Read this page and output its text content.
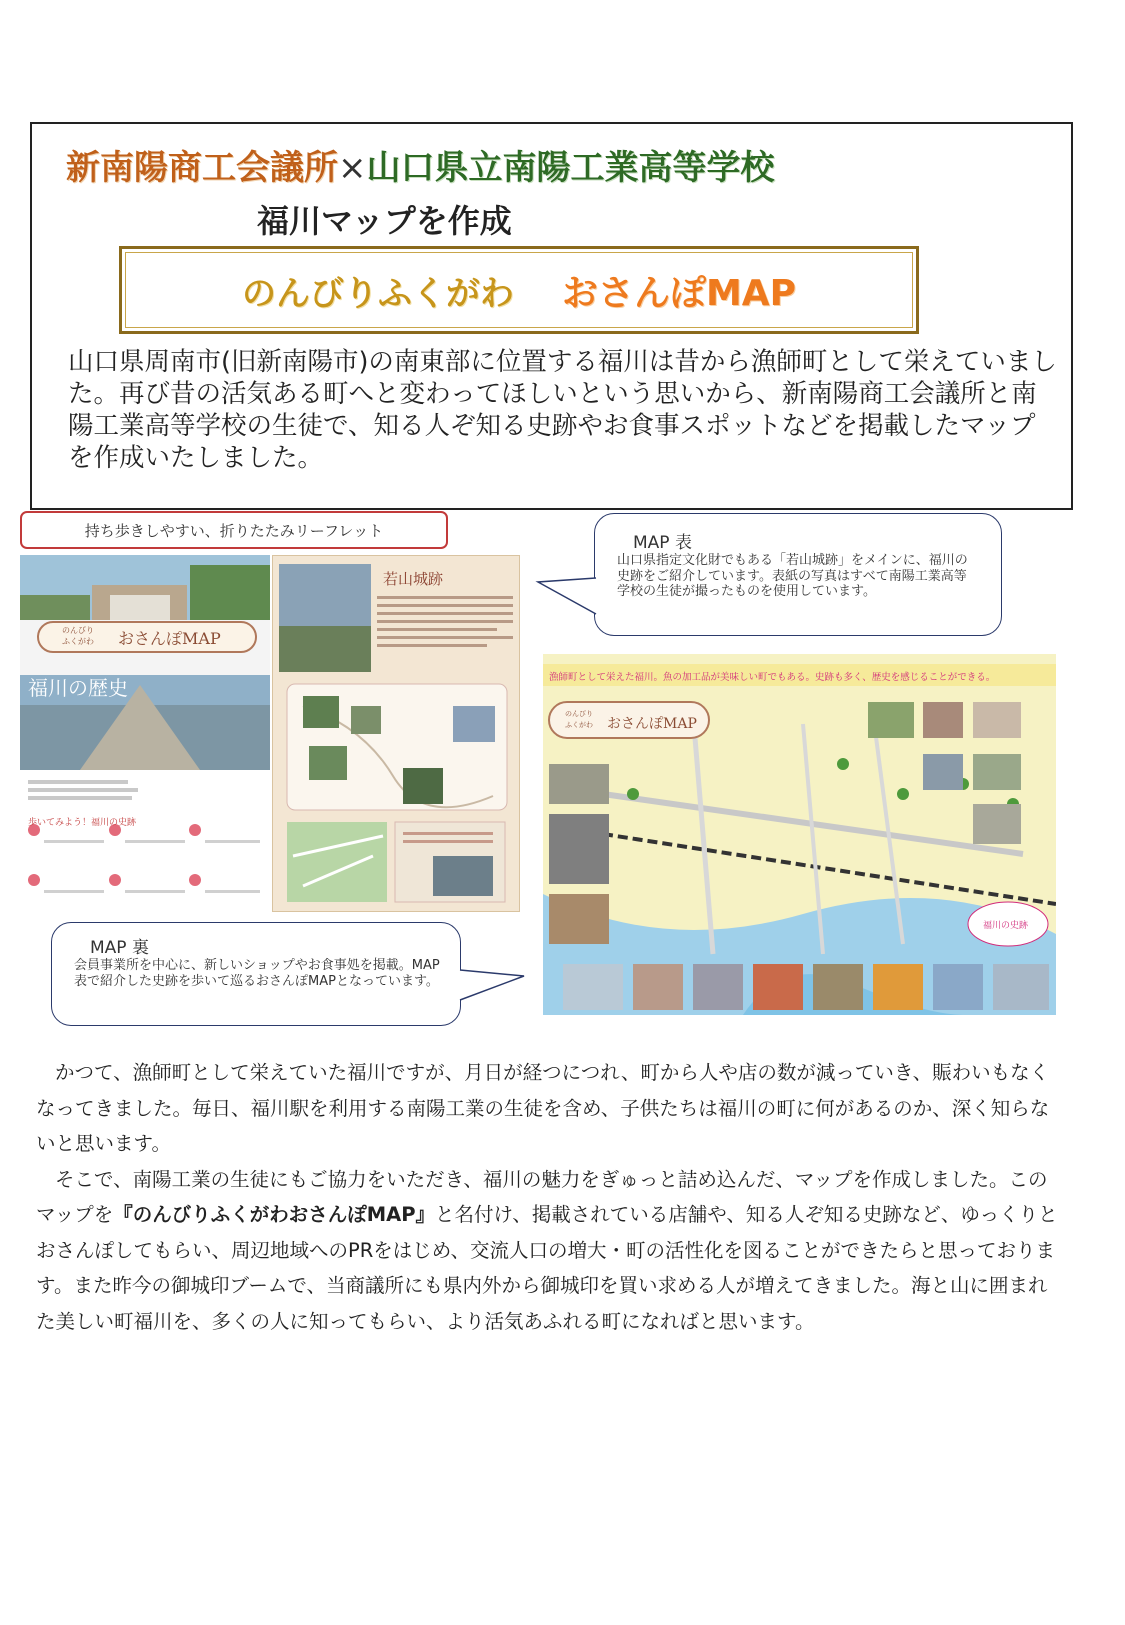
新南陽商工会議所×山口県立南陽工業高等学校
福川マップを作成
のんびりふくがわ おさんぽMAP

山口県周南市(旧新南陽市)の南東部に位置する福川は昔から漁師町として栄えていました。再び昔の活気ある町へと変わってほしいという思いから、新南陽商工会議所と南陽工業高等学校の生徒で、知る人ぞ知る史跡やお食事スポットなどを掲載したマップを作成いたしました。

持ち歩きしやすい、折りたたみリーフレット
のんびり
ふくがわ おさんぽMAP
福川の歴史
歩いてみよう！福川の史跡
若山城跡
漁師町として栄えた福川。魚の加工品が美味しい町でもある。史跡も多く、歴史を感じることができる。
のんびり
ふくがわ おさんぽMAP
福川の史跡
MAP 表
山口県指定文化財でもある「若山城跡」をメインに、福川の史跡をご紹介しています。表紙の写真はすべて南陽工業高等学校の生徒が撮ったものを使用しています。
MAP 裏
会員事業所を中心に、新しいショップやお食事処を掲載。MAP表で紹介した史跡を歩いて巡るおさんぽMAPとなっています。

かつて、漁師町として栄えていた福川ですが、月日が経つにつれ、町から人や店の数が減っていき、賑わいもなくなってきました。毎日、福川駅を利用する南陽工業の生徒を含め、子供たちは福川の町に何があるのか、深く知らないと思います。

そこで、南陽工業の生徒にもご協力をいただき、福川の魅力をぎゅっと詰め込んだ、マップを作成しました。このマップを『のんびりふくがわおさんぽMAP』と名付け、掲載されている店舗や、知る人ぞ知る史跡など、ゆっくりとおさんぽしてもらい、周辺地域へのPRをはじめ、交流人口の増大・町の活性化を図ることができたらと思っております。また昨今の御城印ブームで、当商議所にも県内外から御城印を買い求める人が増えてきました。海と山に囲まれた美しい町福川を、多くの人に知ってもらい、より活気あふれる町になればと思います。
